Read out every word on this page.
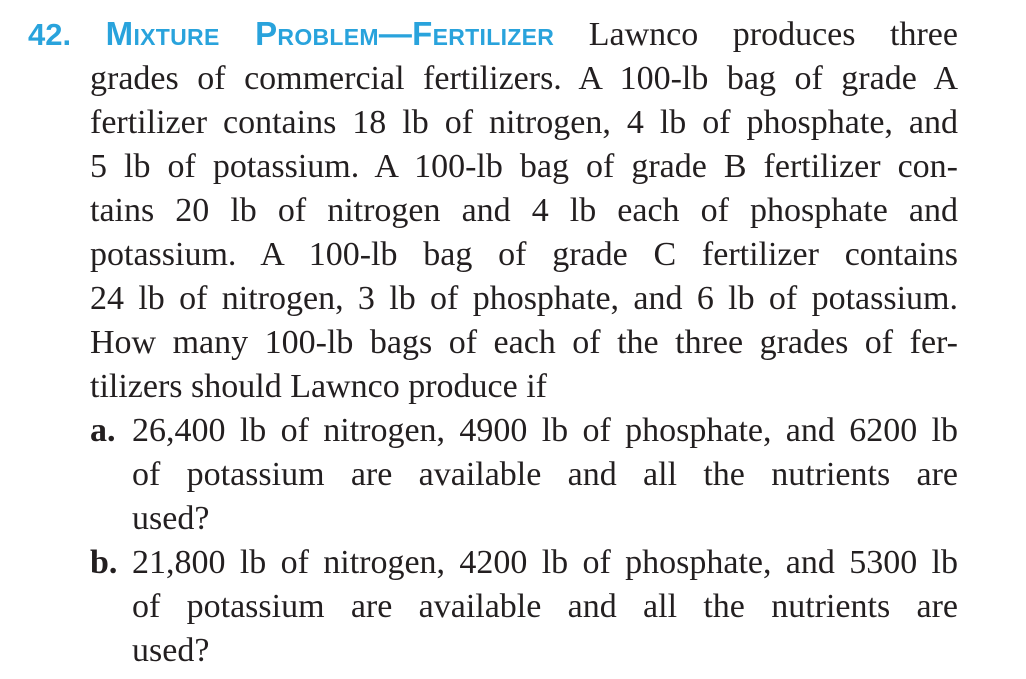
42. Mixture Problem—Fertilizer Lawnco produces three
grades of commercial fertilizers. A 100-lb bag of grade A
fertilizer contains 18 lb of nitrogen, 4 lb of phosphate, and
5 lb of potassium. A 100-lb bag of grade B fertilizer con-
tains 20 lb of nitrogen and 4 lb each of phosphate and
potassium. A 100-lb bag of grade C fertilizer contains
24 lb of nitrogen, 3 lb of phosphate, and 6 lb of potassium.
How many 100-lb bags of each of the three grades of fer-
tilizers should Lawnco produce if
a. 26,400 lb of nitrogen, 4900 lb of phosphate, and 6200 lb
of potassium are available and all the nutrients are
used?
b. 21,800 lb of nitrogen, 4200 lb of phosphate, and 5300 lb
of potassium are available and all the nutrients are
used?
